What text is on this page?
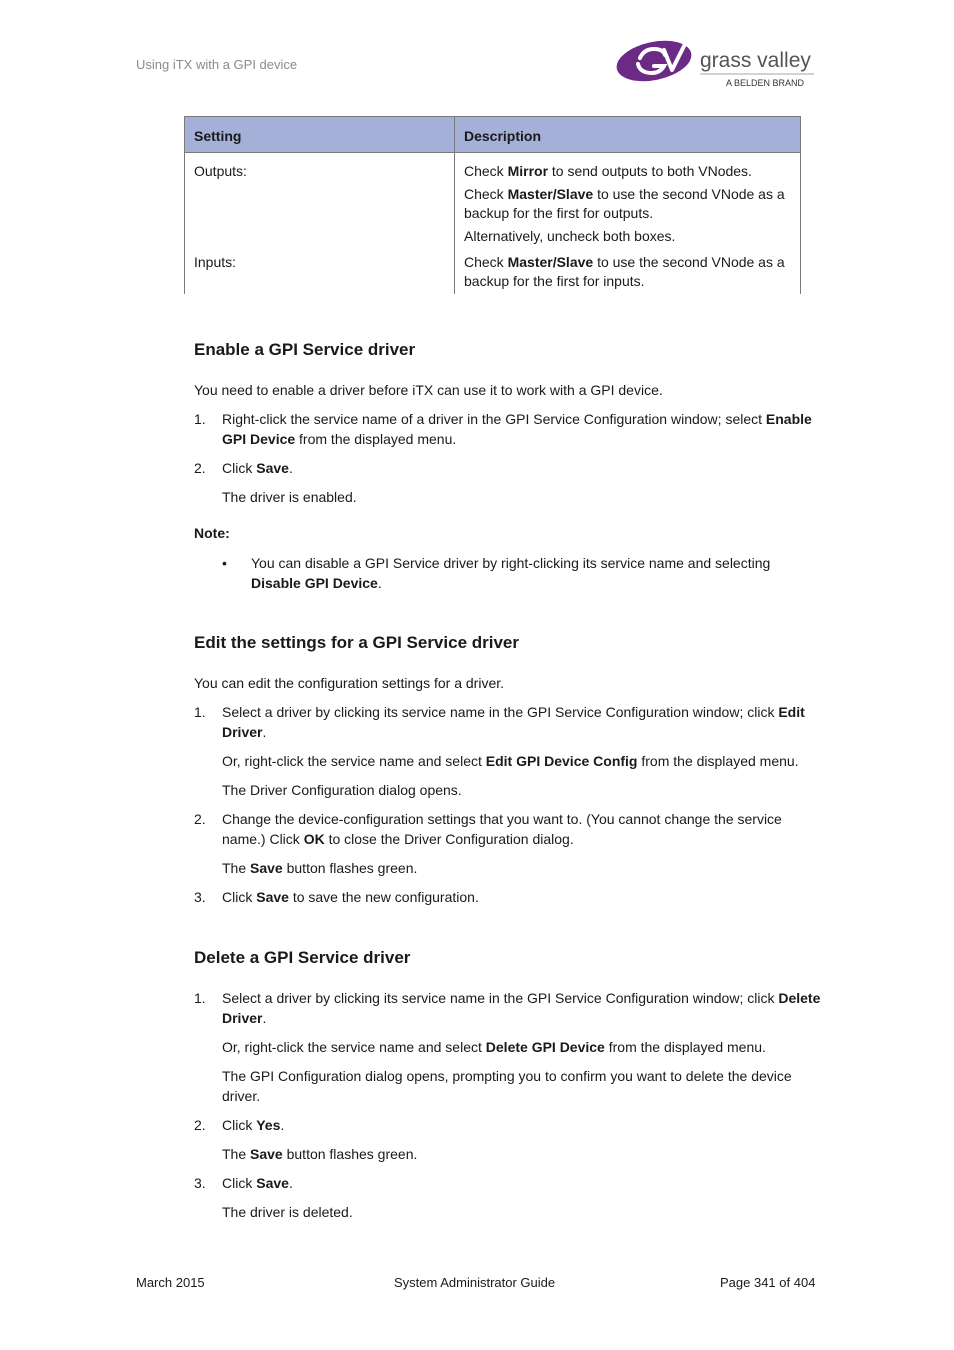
Using iTX with a GPI device	grass valley
A BELDEN BRAND
Setting	Description

Outputs:	Check Mirror to send outputs to both VNodes.

Check Master/Slave to use the second VNode as a backup for the first for outputs.

Alternatively, uncheck both boxes.

Inputs:	Check Master/Slave to use the second VNode as a backup for the first for inputs.

Enable a GPI Service driver

You need to enable a driver before iTX can use it to work with a GPI device.

1. Right-click the service name of a driver in the GPI Service Configuration window; select Enable GPI Device from the displayed menu.

2. Click Save.

The driver is enabled.

Note:

• You can disable a GPI Service driver by right-clicking its service name and selecting Disable GPI Device.

Edit the settings for a GPI Service driver

You can edit the configuration settings for a driver.

1. Select a driver by clicking its service name in the GPI Service Configuration window; click Edit Driver.

Or, right-click the service name and select Edit GPI Device Config from the displayed menu.

The Driver Configuration dialog opens.

2. Change the device-configuration settings that you want to. (You cannot change the service name.) Click OK to close the Driver Configuration dialog.

The Save button flashes green.

3. Click Save to save the new configuration.

Delete a GPI Service driver

1. Select a driver by clicking its service name in the GPI Service Configuration window; click Delete Driver.

Or, right-click the service name and select Delete GPI Device from the displayed menu.

The GPI Configuration dialog opens, prompting you to confirm you want to delete the device driver.

2. Click Yes.

The Save button flashes green.

3. Click Save.

The driver is deleted.

March 2015	System Administrator Guide	Page 341 of 404
